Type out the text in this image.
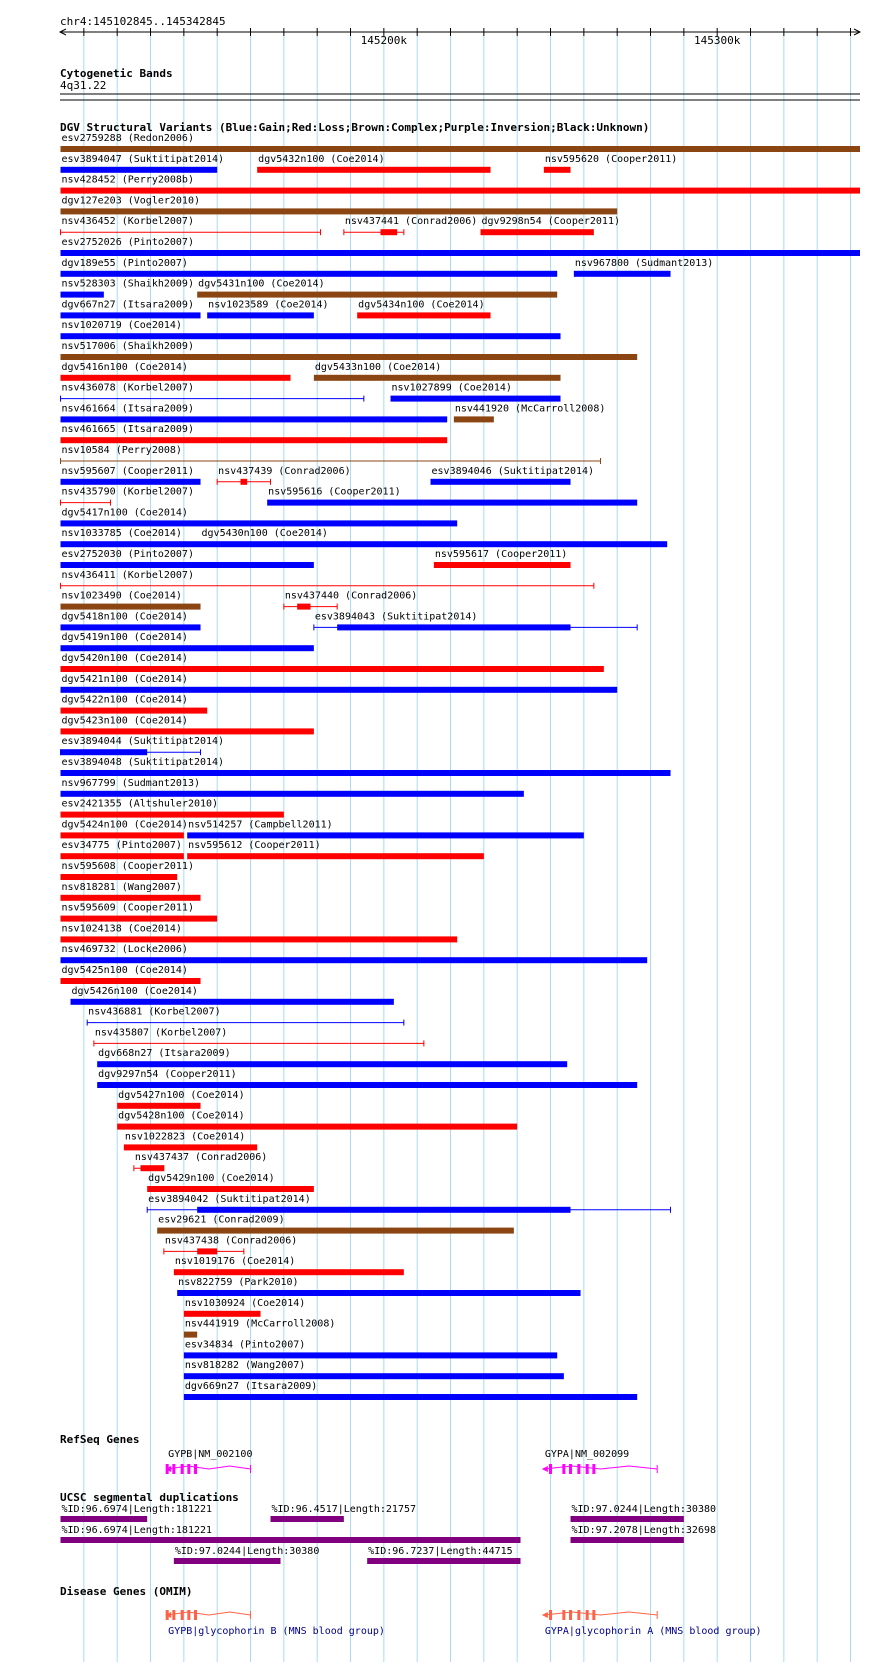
chr4:145102845..145342845
145200k	145300k
Cytogenetic Bands
4q31.22
DGV Structural Variants (Blue:Gain;Red:Loss;Brown:Complex;Purple:Inversion;Black:Unknown)
esv2759288 (Redon2006)
esv3894047 (Suktitipat2014)	dgv5432n100 (Coe2014)	nsv595620 (Cooper2011)
nsv428452 (Perry2008b)
dgv127e203 (Vogler2010)
nsv436452 (Korbel2007)	nsv437441 (Conrad2006) dgv9298n54 (Cooper2011)
esv2752026 (Pinto2007)
dgv189e55 (Pinto2007)	nsv967800 (Sudmant2013)
nsv528303 (Shaikh2009) dgv5431n100 (Coe2014)
dgv667n27 (Itsara2009) nsv1023589 (Coe2014)	dgv5434n100 (Coe2014)
nsv1020719 (Coe2014)
nsv517006 (Shaikh2009)
dgv5416n100 (Coe2014)	dgv5433n100 (Coe2014)
nsv436078 (Korbel2007)	nsv1027899 (Coe2014)
nsv461664 (Itsara2009)	nsv441920 (McCarroll2008)
nsv461665 (Itsara2009)
nsv10584 (Perry2008)
nsv595607 (Cooper2011) nsv437439 (Conrad2006)	esv3894046 (Suktitipat2014)
nsv435790 (Korbel2007)	nsv595616 (Cooper2011)
dgv5417n100 (Coe2014)
nsv1033785 (Coe2014) dgv5430n100 (Coe2014)
esv2752030 (Pinto2007)	nsv595617 (Cooper2011)
nsv436411 (Korbel2007)
nsv1023490 (Coe2014)	nsv437440 (Conrad2006)
dgv5418n100 (Coe2014)	esv3894043 (Suktitipat2014)
dgv5419n100 (Coe2014)
dgv5420n100 (Coe2014)
dgv5421n100 (Coe2014)
dgv5422n100 (Coe2014)
dgv5423n100 (Coe2014)
esv3894044 (Suktitipat2014)
esv3894048 (Suktitipat2014)
nsv967799 (Sudmant2013)
esv2421355 (Altshuler2010)
dgv5424n100 (Coe2014) nsv514257 (Campbell2011)
esv34775 (Pinto2007) nsv595612 (Cooper2011)
nsv595608 (Cooper2011)
nsv818281 (Wang2007)
nsv595609 (Cooper2011)
nsv1024138 (Coe2014)
nsv469732 (Locke2006)
dgv5425n100 (Coe2014)
dgv5426n100 (Coe2014)
nsv436881 (Korbel2007)
nsv435807 (Korbel2007)
dgv668n27 (Itsara2009)
dgv9297n54 (Cooper2011)
dgv5427n100 (Coe2014)
dgv5428n100 (Coe2014)
nsv1022823 (Coe2014)
nsv437437 (Conrad2006)
dgv5429n100 (Coe2014)
esv3894042 (Suktitipat2014)
esv29621 (Conrad2009)
nsv437438 (Conrad2006)
nsv1019176 (Coe2014)
nsv822759 (Park2010)
nsv1030924 (Coe2014)
nsv441919 (McCarroll2008)
esv34834 (Pinto2007)
nsv818282 (Wang2007)
dgv669n27 (Itsara2009)
RefSeq Genes
GYPB|NM_002100	GYPA|NM_002099
UCSC segmental duplications
%ID:96.6974|Length:181221	%ID:96.4517|Length:21757	%ID:97.0244|Length:30380
%ID:96.6974|Length:181221	%ID:97.2078|Length:32698
%ID:97.0244|Length:30380	%ID:96.7237|Length:44715
Disease Genes (OMIM)
GYPB|glycophorin B (MNS blood group)	GYPA|glycophorin A (MNS blood group)
